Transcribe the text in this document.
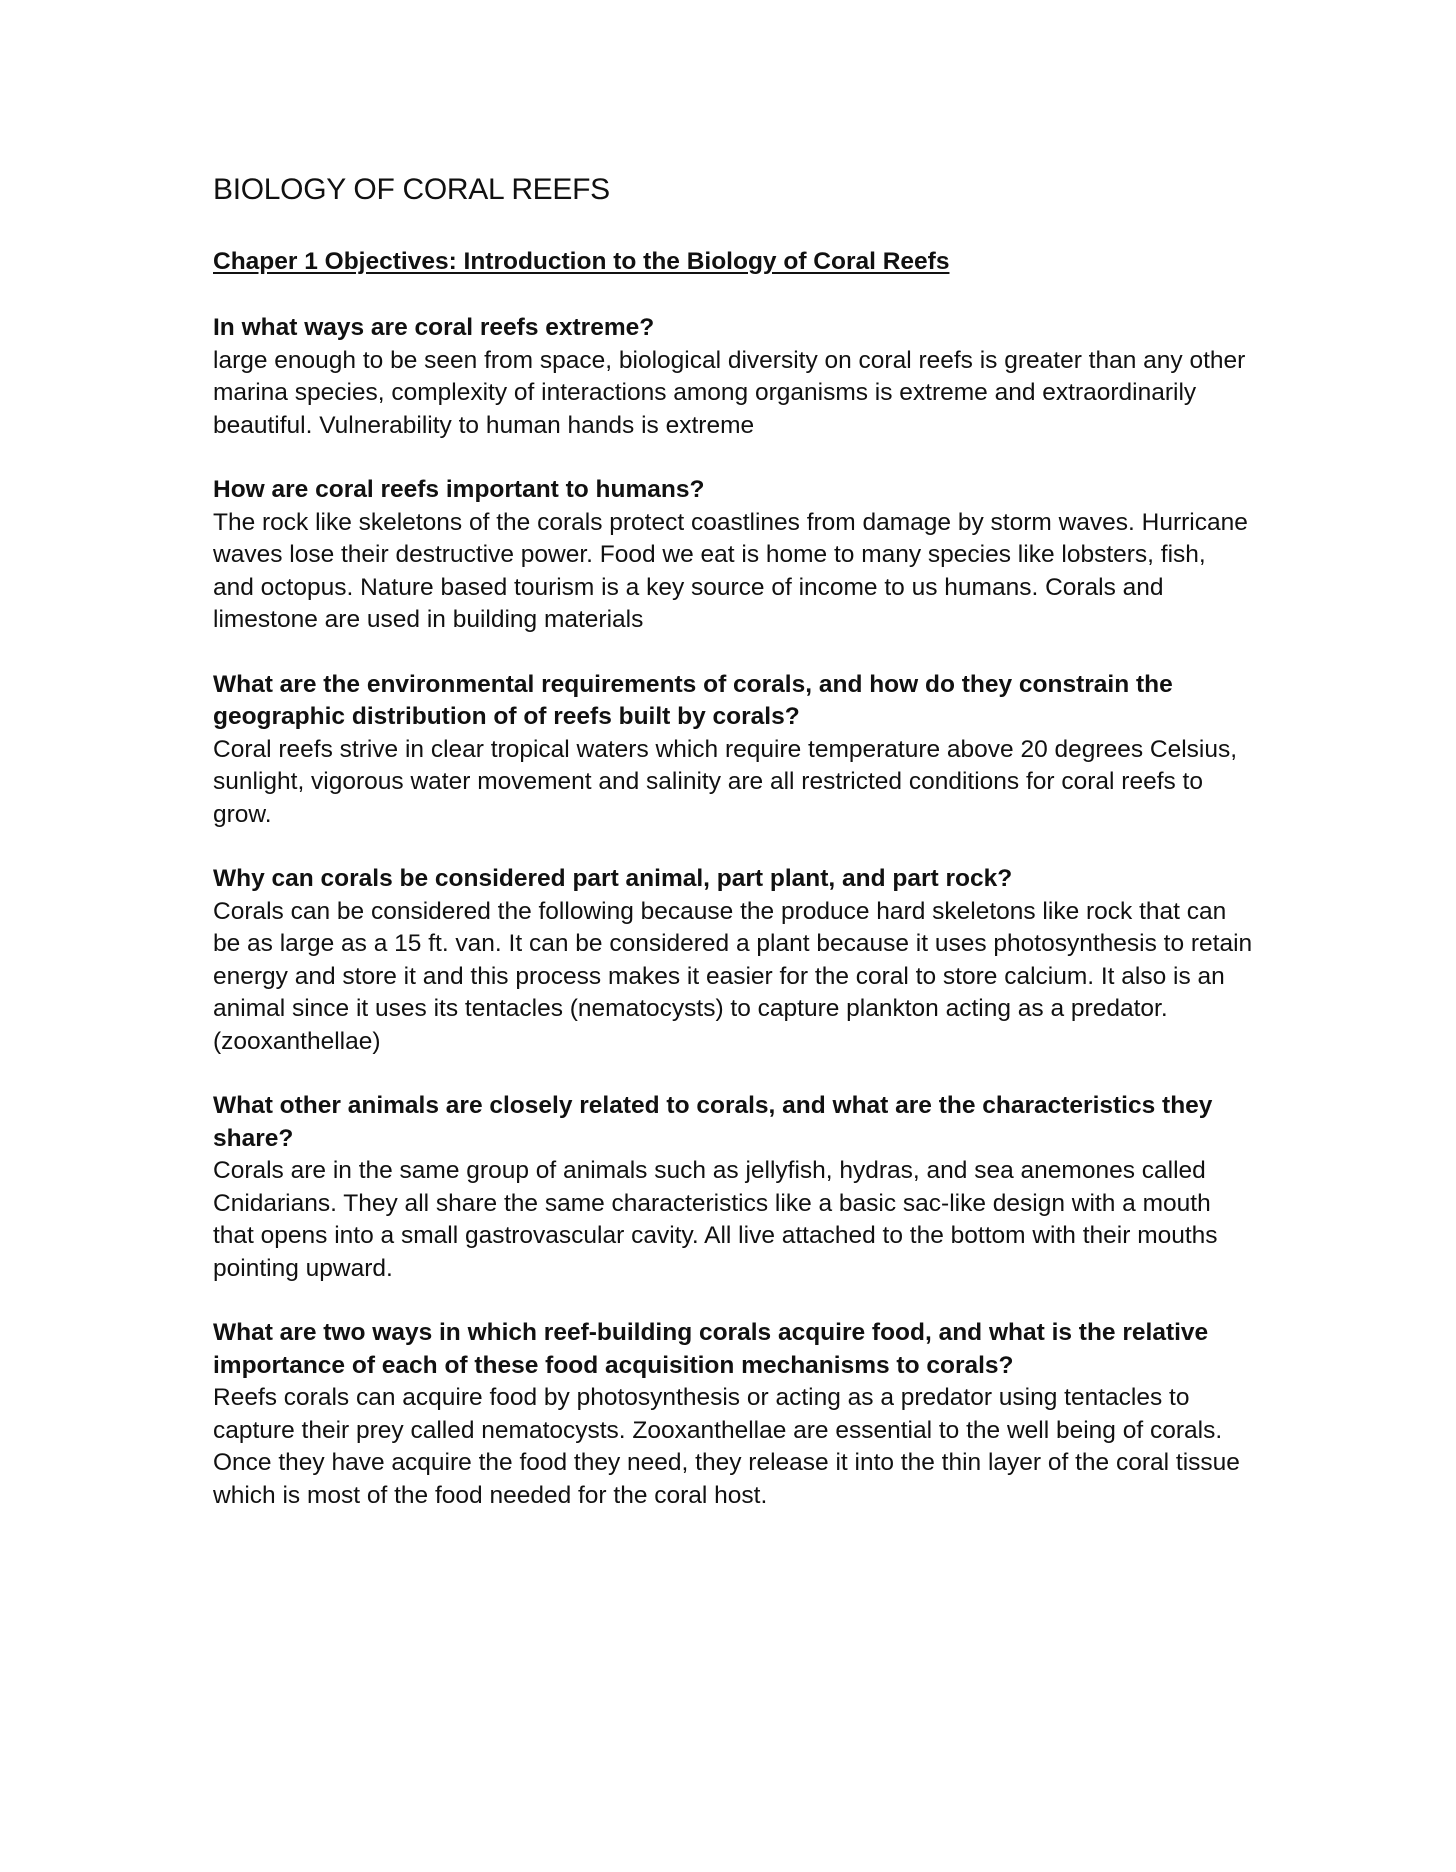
BIOLOGY OF CORAL REEFS
Chaper 1 Objectives: Introduction to the Biology of Coral Reefs

In what ways are coral reefs extreme?

large enough to be seen from space, biological diversity on coral reefs is greater than any other marina species, complexity of interactions among organisms is extreme and extraordinarily beautiful. Vulnerability to human hands is extreme

How are coral reefs important to humans?

The rock like skeletons of the corals protect coastlines from damage by storm waves. Hurricane waves lose their destructive power. Food we eat is home to many species like lobsters, fish, and octopus. Nature based tourism is a key source of income to us humans. Corals and limestone are used in building materials

What are the environmental requirements of corals, and how do they constrain the geographic distribution of of reefs built by corals?

Coral reefs strive in clear tropical waters which require temperature above 20 degrees Celsius, sunlight, vigorous water movement and salinity are all restricted conditions for coral reefs to grow.

Why can corals be considered part animal, part plant, and part rock?

Corals can be considered the following because the produce hard skeletons like rock that can be as large as a 15 ft. van. It can be considered a plant because it uses photosynthesis to retain energy and store it and this process makes it easier for the coral to store calcium. It also is an animal since it uses its tentacles (nematocysts) to capture plankton acting as a predator. (zooxanthellae)

What other animals are closely related to corals, and what are the characteristics they share?

Corals are in the same group of animals such as jellyfish, hydras, and sea anemones called Cnidarians. They all share the same characteristics like a basic sac-like design with a mouth that opens into a small gastrovascular cavity. All live attached to the bottom with their mouths pointing upward.

What are two ways in which reef-building corals acquire food, and what is the relative importance of each of these food acquisition mechanisms to corals?

Reefs corals can acquire food by photosynthesis or acting as a predator using tentacles to capture their prey called nematocysts. Zooxanthellae are essential to the well being of corals. Once they have acquire the food they need, they release it into the thin layer of the coral tissue which is most of the food needed for the coral host.
